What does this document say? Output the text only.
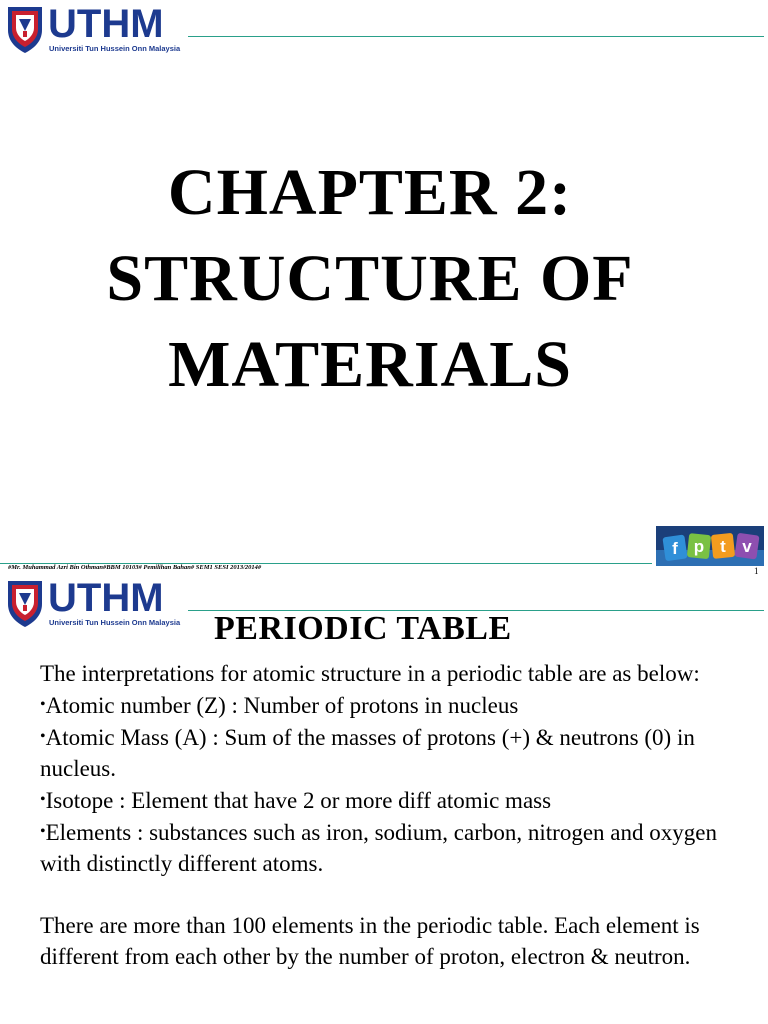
UTHM
Universiti Tun Hussein Onn Malaysia
CHAPTER 2:
STRUCTURE OF
MATERIALS
#Mr. Muhammad Azri Bin Othman#BBM 10103# Pemilihan Bahan# SEM1 SESI 2013/2014#
f p t v
1
UTHM
Universiti Tun Hussein Onn Malaysia PERIODIC TABLE

The interpretations for atomic structure in a periodic table are as below:

•Atomic number (Z) : Number of protons in nucleus

•Atomic Mass (A) : Sum of the masses of protons (+) & neutrons (0) in nucleus.

•Isotope : Element that have 2 or more diff atomic mass

•Elements : substances such as iron, sodium, carbon, nitrogen and oxygen with distinctly different atoms.

There are more than 100 elements in the periodic table. Each element is different from each other by the number of proton, electron & neutron.
